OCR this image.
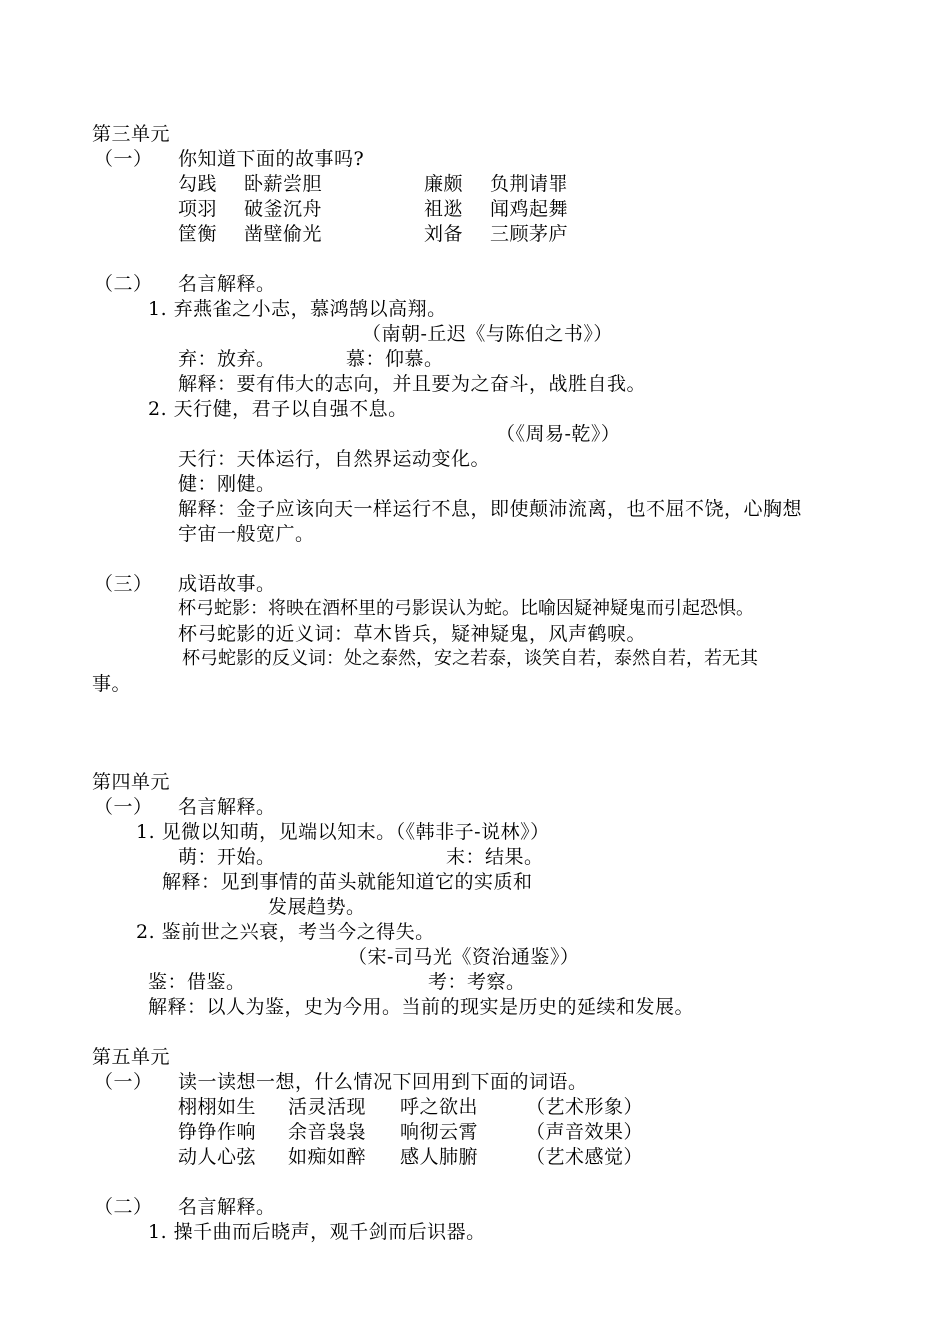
第三单元

（一） 你知道下面的故事吗?

勾践 卧薪尝胆	廉颇 负荆请罪

项羽 破釜沉舟	祖逖 闻鸡起舞

筐衡 凿壁偷光	刘备 三顾茅庐

（二） 名言解释。

1. 弃燕雀之小志，慕鸿鹄以高翔。

（南朝-丘迟《与陈伯之书》）

弃：放弃。	慕：仰慕。

解释：要有伟大的志向，并且要为之奋斗，战胜自我。

2. 天行健，君子以自强不息。

（《周易-乾》）

天行：天体运行，自然界运动变化。

健：刚健。

解释：金子应该向天一样运行不息，即使颠沛流离，也不屈不饶，心胸想

宇宙一般宽广。

（三） 成语故事。

杯弓蛇影：将映在酒杯里的弓影误认为蛇。比喻因疑神疑鬼而引起恐惧。

杯弓蛇影的近义词：草木皆兵，疑神疑鬼，风声鹤唳。

杯弓蛇影的反义词：处之泰然，安之若泰，谈笑自若，泰然自若，若无其

事。

第四单元

（一） 名言解释。

1. 见微以知萌，见端以知末。（《韩非子-说林》）

萌：开始。	末：结果。

解释：见到事情的苗头就能知道它的实质和

发展趋势。

2. 鉴前世之兴衰，考当今之得失。

（宋-司马光《资治通鉴》）

鉴：借鉴。	考：考察。

解释：以人为鉴，史为今用。当前的现实是历史的延续和发展。

第五单元

（一） 读一读想一想，什么情况下回用到下面的词语。

栩栩如生 活灵活现 呼之欲出	（艺术形象）

铮铮作响 余音袅袅 响彻云霄	（声音效果）

动人心弦 如痴如醉 感人肺腑	（艺术感觉）

（二） 名言解释。

1. 操千曲而后晓声，观千剑而后识器。
